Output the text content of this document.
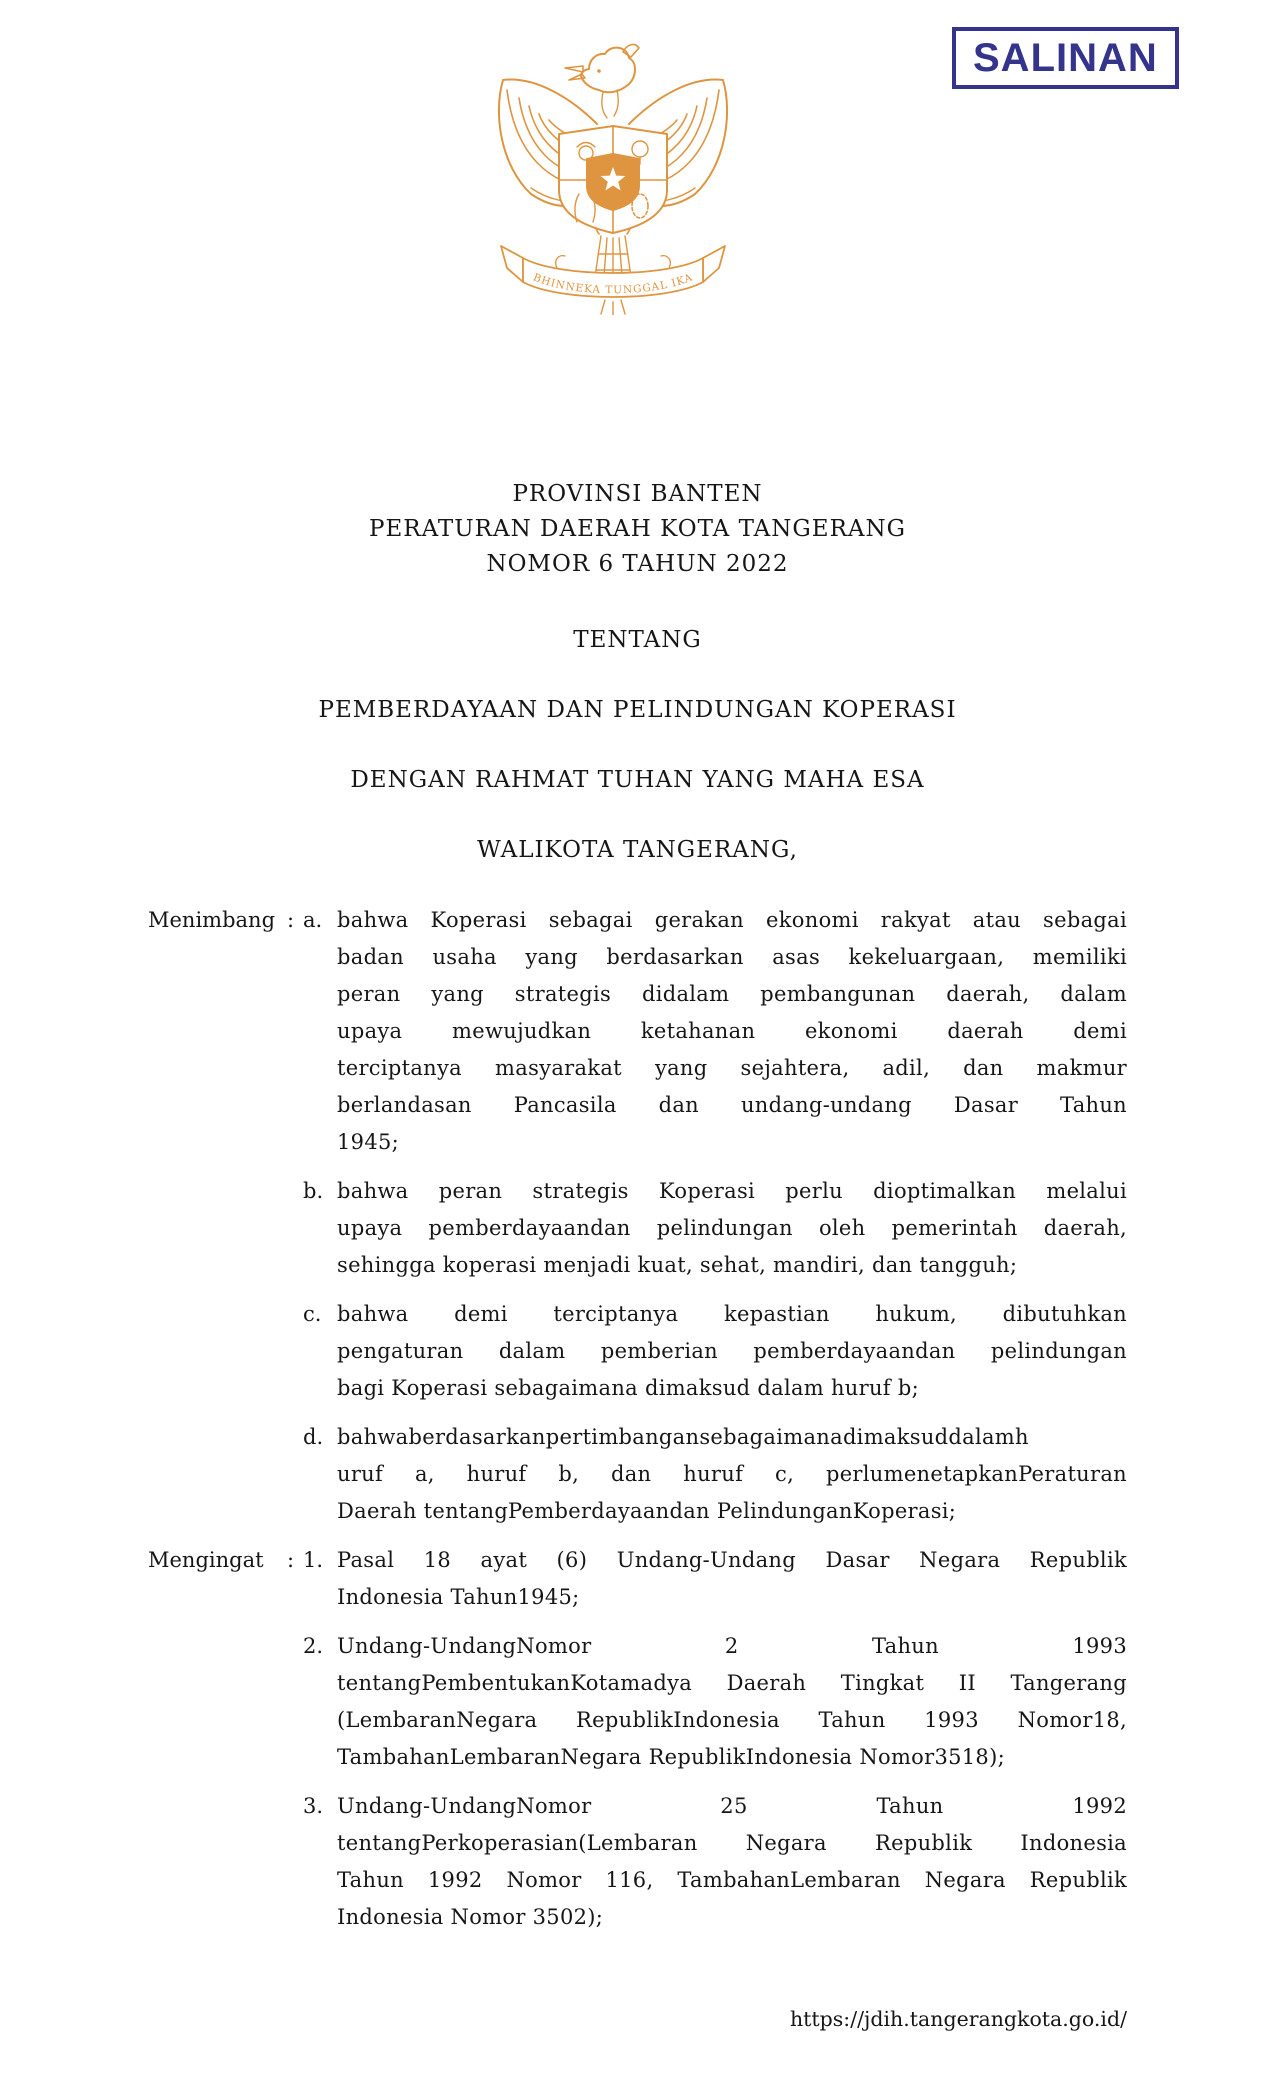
BHINNEKA TUNGGAL IKA
SALINAN
PROVINSI BANTEN
PERATURAN DAERAH KOTA TANGERANG
NOMOR 6 TAHUN 2022
TENTANG
PEMBERDAYAAN DAN PELINDUNGAN KOPERASI
DENGAN RAHMAT TUHAN YANG MAHA ESA
WALIKOTA TANGERANG,
Menimbang : a. bahwa Koperasi sebagai gerakan ekonomi rakyat atau sebagai
badan usaha yang berdasarkan asas kekeluargaan, memiliki
peran yang strategis didalam pembangunan daerah, dalam
upaya mewujudkan ketahanan ekonomi daerah demi
terciptanya masyarakat yang sejahtera, adil, dan makmur
berlandasan Pancasila dan undang-undang Dasar Tahun
1945;
b. bahwa peran strategis Koperasi perlu dioptimalkan melalui
upaya pemberdayaandan pelindungan oleh pemerintah daerah,
sehingga koperasi menjadi kuat, sehat, mandiri, dan tangguh;
c. bahwa demi terciptanya kepastian hukum, dibutuhkan
pengaturan dalam pemberian pemberdayaandan pelindungan
bagi Koperasi sebagaimana dimaksud dalam huruf b;
d. bahwaberdasarkanpertimbangansebagaimanadimaksuddalamh
uruf a, huruf b, dan huruf c, perlumenetapkanPeraturan
Daerah tentangPemberdayaandan PelindunganKoperasi;
Mengingat	: 1. Pasal 18 ayat (6) Undang-Undang Dasar Negara Republik
Indonesia Tahun1945;
2. Undang-UndangNomor 2 Tahun 1993
tentangPembentukanKotamadya Daerah Tingkat II Tangerang
(LembaranNegara RepublikIndonesia Tahun 1993 Nomor18,
TambahanLembaranNegara RepublikIndonesia Nomor3518);
3. Undang-UndangNomor 25 Tahun 1992
tentangPerkoperasian(Lembaran Negara Republik Indonesia
Tahun 1992 Nomor 116, TambahanLembaran Negara Republik
Indonesia Nomor 3502);
https://jdih.tangerangkota.go.id/
